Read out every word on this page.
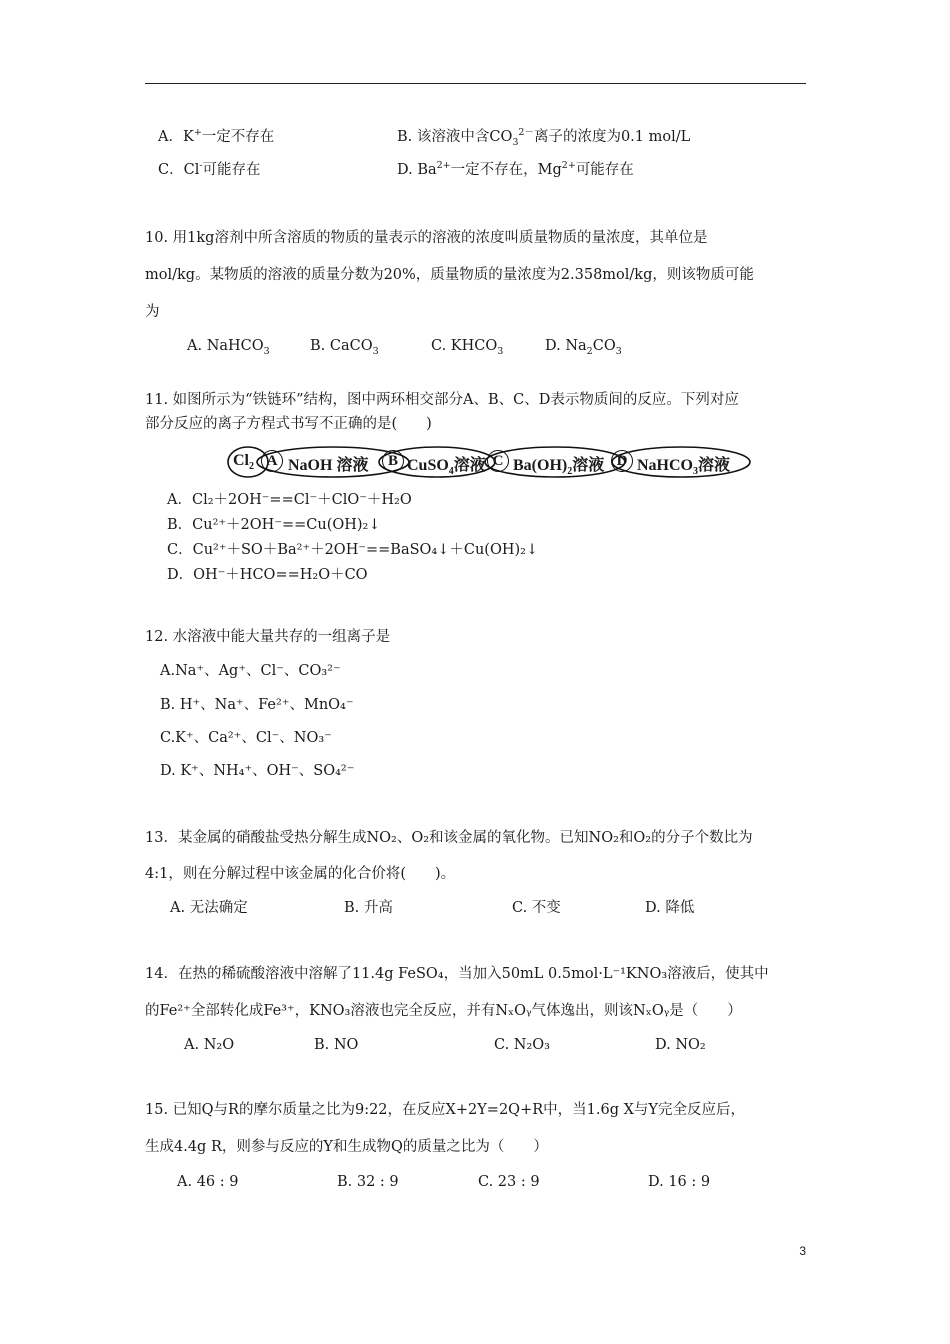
A．K+一定不存在	B. 该溶液中含$CO_3^{2-}$离子的浓度为0.1 mol/L
C．Cl-可能存在	D. $Ba^{2+}$一定不存在，$Mg^{2+}$可能存在
10. 用1kg溶剂中所含溶质的物质的量表示的溶液的浓度叫质量物质的量浓度，其单位是
mol/kg。某物质的溶液的质量分数为20%，质量物质的量浓度为2.358mol/kg，则该物质可能
为
A. NaHCO$_3$	B. CaCO$_3$	C. $KHCO_3$	D. $Na_2CO_3$
11. 如图所示为“铁链环”结构，图中两环相交部分A、B、C、D表示物质间的反应。下列对应
部分反应的离子方程式书写不正确的是(　　)
$Cl_2$ A NaOH 溶液	B CuSO$_4$溶液 C $Ba(OH)_2$溶液 D NaHCO$_3$溶液
A．Cl₂＋2OH⁻==Cl⁻＋ClO⁻＋H₂O
B．Cu²⁺＋2OH⁻==Cu(OH)₂↓
C．Cu²⁺＋SO＋Ba²⁺＋2OH⁻==BaSO₄↓＋Cu(OH)₂↓
D．OH⁻＋HCO==H₂O＋CO
12. 水溶液中能大量共存的一组离子是
A.Na⁺、Ag⁺、Cl⁻、CO₃²⁻
B. H⁺、Na⁺、Fe²⁺、MnO₄⁻
C.K⁺、Ca²⁺、Cl⁻、NO₃⁻
D. K⁺、NH₄⁺、OH⁻、SO₄²⁻
13．某金属的硝酸盐受热分解生成NO₂、O₂和该金属的氧化物。已知NO₂和O₂的分子个数比为
4:1，则在分解过程中该金属的化合价将(　　)。
A. 无法确定	B. 升高	C. 不变	D. 降低
14．在热的稀硫酸溶液中溶解了11.4g FeSO₄，当加入50mL 0.5mol·L⁻¹KNO₃溶液后，使其中
的Fe²⁺全部转化成Fe³⁺，KNO₃溶液也完全反应，并有NₓOᵧ气体逸出，则该NₓOᵧ是（　　）
A. N₂O	B. NO	C. N₂O₃	D. NO₂
15. 已知Q与R的摩尔质量之比为9:22，在反应X+2Y=2Q+R中，当1.6g X与Y完全反应后，
生成4.4g R，则参与反应的Y和生成物Q的质量之比为（　　）
A. 46 : 9	B. 32 : 9	C. 23 : 9	D. 16 : 9
3
